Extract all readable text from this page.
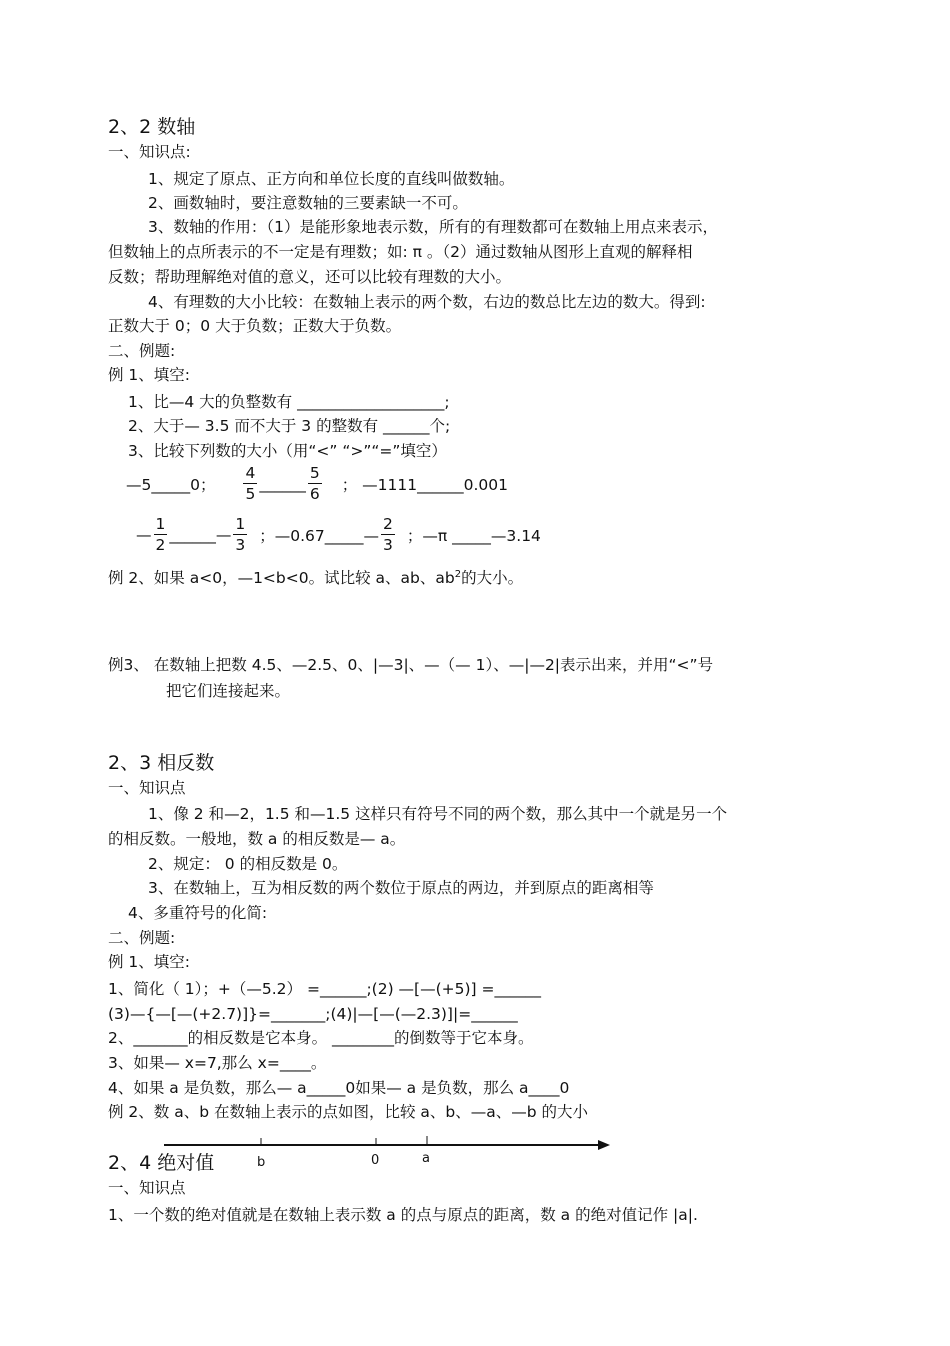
2、2 数轴
一、知识点:
1、规定了原点、正方向和单位长度的直线叫做数轴。
2、画数轴时，要注意数轴的三要素缺一不可。
3、数轴的作用：（1）是能形象地表示数，所有的有理数都可在数轴上用点来表示，
但数轴上的点所表示的不一定是有理数；如: π 。（2）通过数轴从图形上直观的解释相
反数；帮助理解绝对值的意义，还可以比较有理数的大小。
4、有理数的大小比较：在数轴上表示的两个数，右边的数总比左边的数大。得到:
正数大于 0；0 大于负数；正数大于负数。
二、例题:
例 1、填空:
1、比—4 大的负整数有 ___________________;
2、大于— 3.5 而不大于 3 的整数有 ______个;
3、比较下列数的大小（用“<” “>”“=”填空）
—5_____0； $\frac{4}{5}$ ______ $\frac{5}{6}$ ； —1111______0.001
— $\frac{1}{2}$ ______— $\frac{1}{3}$ ；—0.67_____— $\frac{2}{3}$ ；—π _____—3.14
例 2、如果 a<0，—1<b<0。试比较 a、ab、$ab^2$的大小。
例3、 在数轴上把数 4.5、—2.5、0、|—3|、—（— 1）、—|—2|表示出来，并用“<”号
把它们连接起来。
2、3 相反数
一、知识点
1、像 2 和—2，1.5 和—1.5 这样只有符号不同的两个数，那么其中一个就是另一个
的相反数。一般地，数 a 的相反数是— a。
2、规定： 0 的相反数是 0。
3、在数轴上，互为相反数的两个数位于原点的两边，并到原点的距离相等
4、多重符号的化简:
二、例题:
例 1、填空:
1、简化（ 1）；+（—5.2） =______;(2) —[—(+5)] =______
(3)—{—[—(+2.7)]}=_______;(4)|—[—(—2.3)]|=______
2、_______的相反数是它本身。 ________的倒数等于它本身。
3、如果— x=7,那么 x=____。
4、如果 a 是负数，那么— a_____0如果— a 是负数，那么 a____0
例 2、数 a、b 在数轴上表示的点如图，比较 a、b、—a、—b 的大小
b	0	a
2、4 绝对值
一、知识点
1、一个数的绝对值就是在数轴上表示数 a 的点与原点的距离，数 a 的绝对值记作 |a|.
